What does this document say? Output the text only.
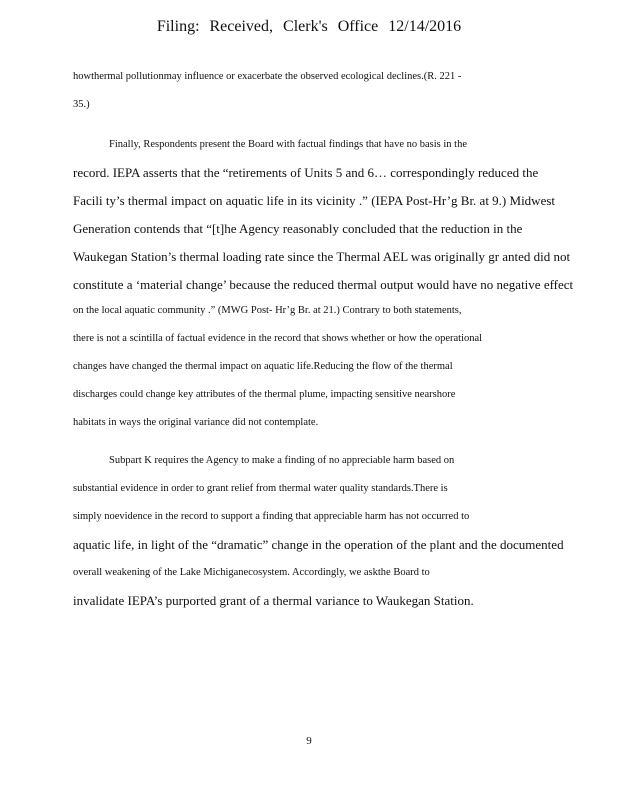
Filing: Received, Clerk's Office 12/14/2016
howthermal pollutionmay influence or exacerbate the observed ecological declines.(R. 221 -
35.)
Finally, Respondents present the Board with factual findings that have no basis in the
record. IEPA asserts that the “retirements of Units 5 and 6… correspondingly reduced the
Facili ty’s thermal impact on aquatic life in its vicinity .” (IEPA Post-Hr’g Br. at 9.) Midwest
Generation contends that “[t]he Agency reasonably concluded that the reduction in the
Waukegan Station’s thermal loading rate since the Thermal AEL was originally gr anted did not
constitute a ‘material change’ because the reduced thermal output would have no negative effect
on the local aquatic community .” (MWG Post- Hr’g Br. at 21.) Contrary to both statements,
there is not a scintilla of factual evidence in the record that shows whether or how the operational
changes have changed the thermal impact on aquatic life.Reducing the flow of the thermal
discharges could change key attributes of the thermal plume, impacting sensitive nearshore
habitats in ways the original variance did not contemplate.
Subpart K requires the Agency to make a finding of no appreciable harm based on
substantial evidence in order to grant relief from thermal water quality standards.There is
simply noevidence in the record to support a finding that appreciable harm has not occurred to
aquatic life, in light of the “dramatic” change in the operation of the plant and the documented
overall weakening of the Lake Michiganecosystem. Accordingly, we askthe Board to
invalidate IEPA’s purported grant of a thermal variance to Waukegan Station.
9
